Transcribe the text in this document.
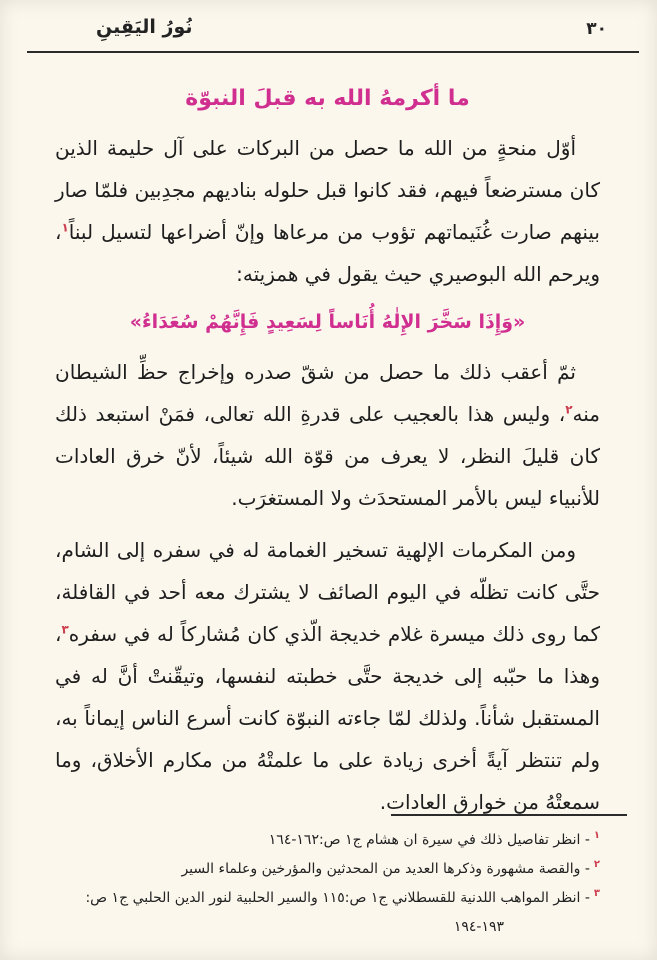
نُورُ اليَقِينِ	٣٠
ما أكرمهُ الله به قبلَ النبوّة

أوّل منحةٍ من الله ما حصل من البركات على آل حليمة الذين كان مسترضعاً فيهم، فقد كانوا قبل حلوله بناديهم مجدِبين فلمّا صار بينهم صارت غُنَيماتهم تؤوب من مرعاها وإنّ أضراعها لتسيل لبناً$^١$، ويرحم الله البوصيري حيث يقول في همزيته:

«وَإِذَا سَخَّرَ الإِلٰهُ أُنَاساً لِسَعِيدٍ فَإِنَّهُمْ سُعَدَاءُ»

ثمّ أعقب ذلك ما حصل من شقّ صدره وإخراج حظِّ الشيطان منه$^٢$، وليس هذا بالعجيب على قدرةِ الله تعالى، فمَنْ استبعد ذلك كان قليلَ النظر، لا يعرف من قوّة الله شيئاً، لأنّ خرق العادات للأنبياء ليس بالأمر المستحدَث ولا المستغرَب.

ومن المكرمات الإلهية تسخير الغمامة له في سفره إلى الشام، حتَّى كانت تظلّه في اليوم الصائف لا يشترك معه أحد في القافلة، كما روى ذلك ميسرة غلام خديجة الّذي كان مُشاركاً له في سفره$^٣$، وهذا ما حبّبه إلى خديجة حتَّى خطبته لنفسها، وتيقّنتْ أنَّ له في المستقبل شأناً. ولذلك لمّا جاءته النبوّة كانت أسرع الناس إيماناً به، ولم تنتظر آيةً أخرى زيادة على ما علمتْهُ من مكارم الأخلاق، وما سمعتْهُ من خوارق العادات.

$^١$- انظر تفاصيل ذلك في سيرة ان هشام ج١ ص:١٦٢-١٦٤
$^٢$- والقصة مشهورة وذكرها العديد من المحدثين والمؤرخين وعلماء السير
$^٣$- انظر المواهب اللدنية للقسطلاني ج١ ص:١١٥ والسير الحلبية لنور الدين الحلبي ج١ ص:
١٩٣-١٩٤
